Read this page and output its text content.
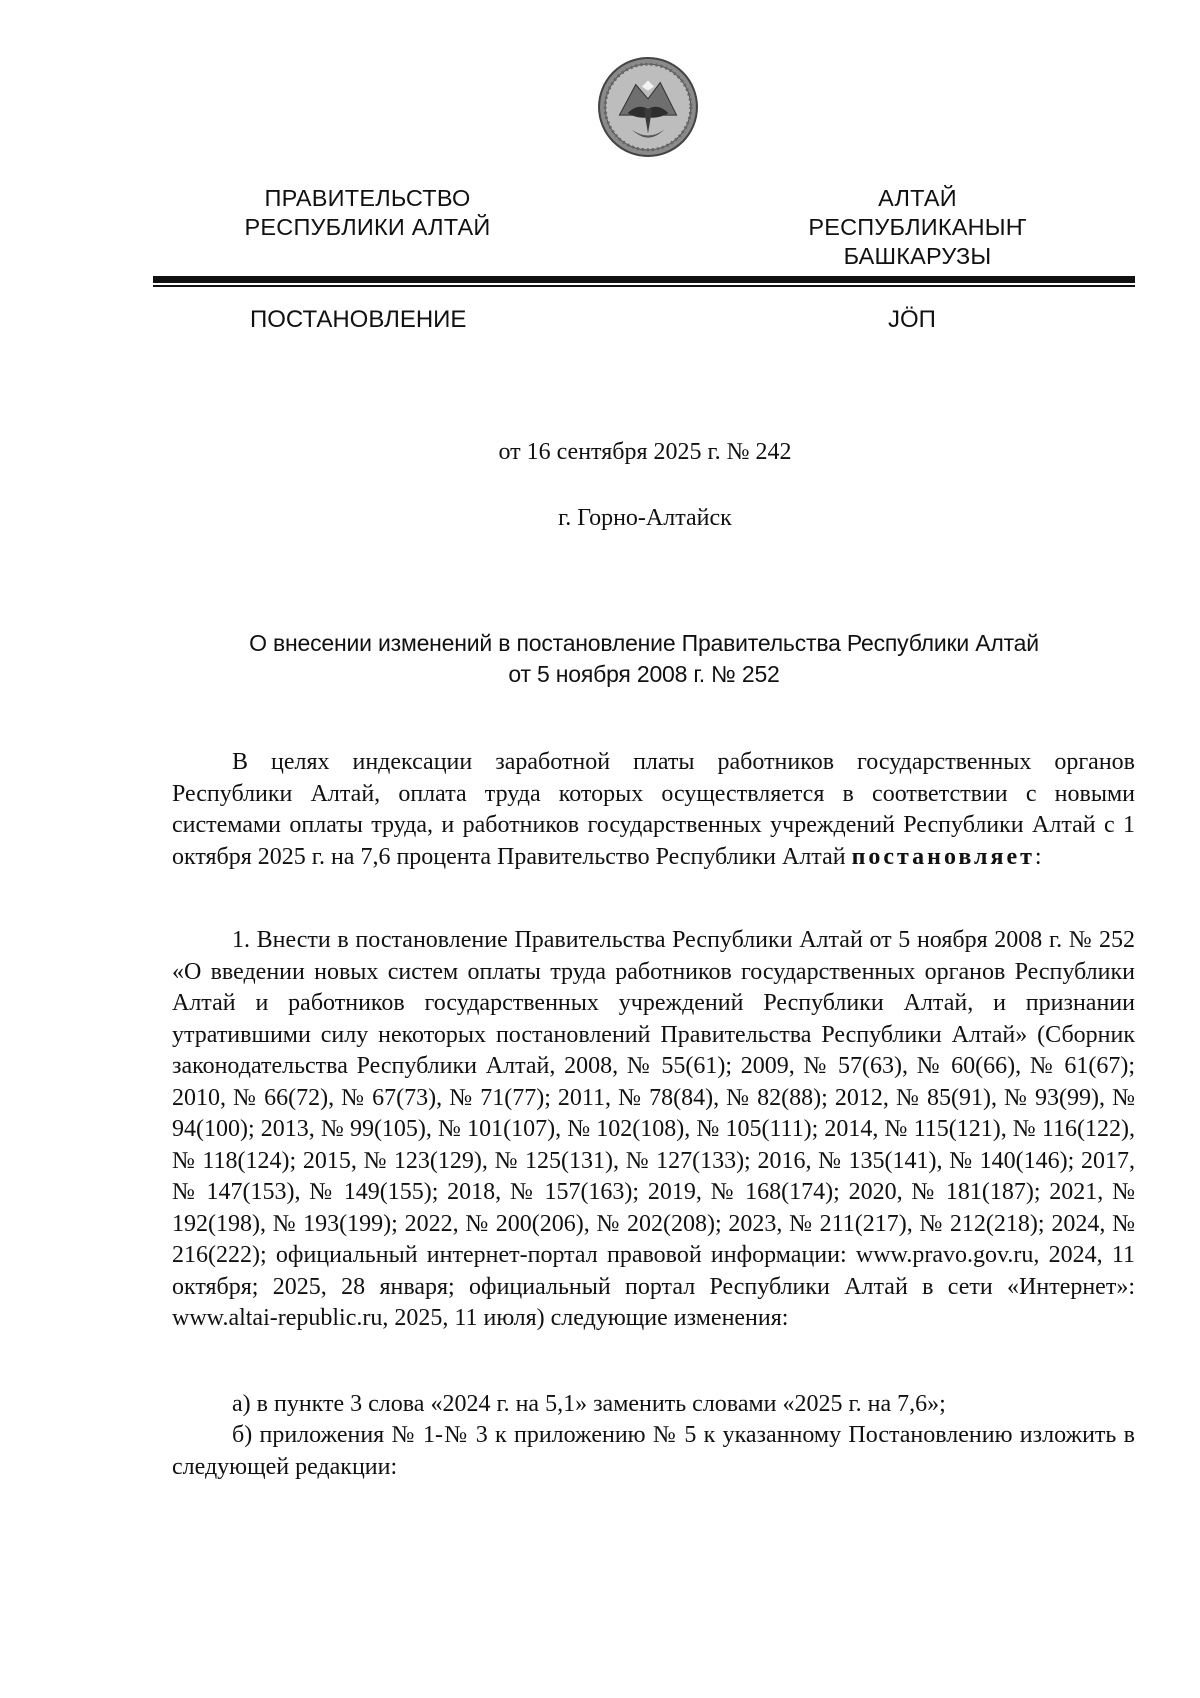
ПРАВИТЕЛЬСТВО
РЕСПУБЛИКИ АЛТАЙ
АЛТАЙ РЕСПУБЛИКАНЫҤ
БАШКАРУЗЫ
ПОСТАНОВЛЕНИЕ	ЈÖП
от 16 сентября 2025 г. № 242
г. Горно-Алтайск
О внесении изменений в постановление Правительства Республики Алтай
от 5 ноября 2008 г. № 252
В целях индексации заработной платы работников государственных органов Республики Алтай, оплата труда которых осуществляется в соответствии с новыми системами оплаты труда, и работников государственных учреждений Республики Алтай с 1 октября 2025 г. на 7,6 процента Правительство Республики Алтай постановляет:
1. Внести в постановление Правительства Республики Алтай от 5 ноября 2008 г. № 252 «О введении новых систем оплаты труда работников государственных органов Республики Алтай и работников государственных учреждений Республики Алтай, и признании утратившими силу некоторых постановлений Правительства Республики Алтай» (Сборник законодательства Республики Алтай, 2008, № 55(61); 2009, № 57(63), № 60(66), № 61(67); 2010, № 66(72), № 67(73), № 71(77); 2011, № 78(84), № 82(88); 2012, № 85(91), № 93(99), № 94(100); 2013, № 99(105), № 101(107), № 102(108), № 105(111); 2014, № 115(121), № 116(122), № 118(124); 2015, № 123(129), № 125(131), № 127(133); 2016, № 135(141), № 140(146); 2017, № 147(153), № 149(155); 2018, № 157(163); 2019, № 168(174); 2020, № 181(187); 2021, № 192(198), № 193(199); 2022, № 200(206), № 202(208); 2023, № 211(217), № 212(218); 2024, № 216(222); официальный интернет-портал правовой информации: www.pravo.gov.ru, 2024, 11 октября; 2025, 28 января; официальный портал Республики Алтай в сети «Интернет»: www.altai-republic.ru, 2025, 11 июля) следующие изменения:
а) в пункте 3 слова «2024 г. на 5,1» заменить словами «2025 г. на 7,6»;
б) приложения № 1-№ 3 к приложению № 5 к указанному Постановлению изложить в следующей редакции:
